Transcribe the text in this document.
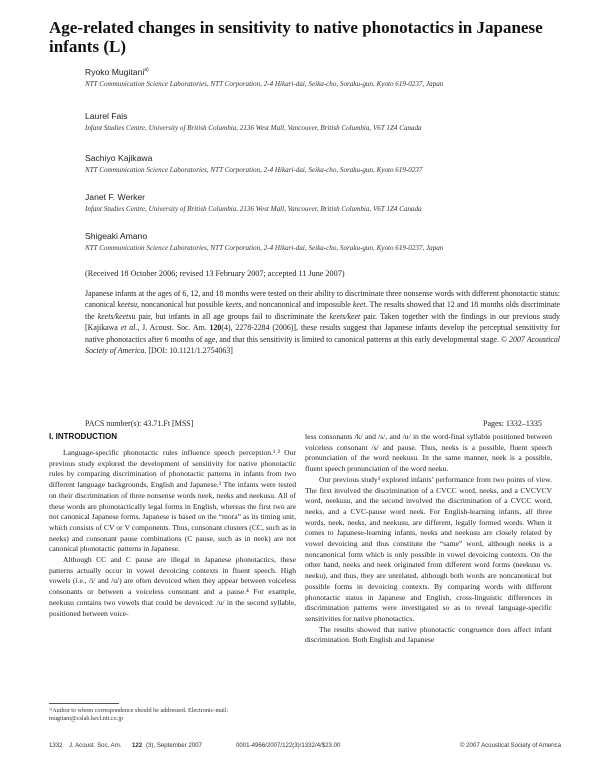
Age-related changes in sensitivity to native phonotactics in Japanese infants (L)
Ryoko Mugitani$^{a)}$
NTT Communication Science Laboratories, NTT Corporation, 2-4 Hikari-dai, Seika-cho, Soraku-gun, Kyoto 619-0237, Japan
Laurel Fais
Infant Studies Centre, University of British Columbia, 2136 West Mall, Vancouver, British Columbia, V6T 1Z4 Canada
Sachiyo Kajikawa
NTT Communication Science Laboratories, NTT Corporation, 2-4 Hikari-dai, Seika-cho, Soraku-gun, Kyoto 619-0237
Janet F. Werker
Infant Studies Centre, University of British Columbia, 2136 West Mall, Vancouver, British Columbia, V6T 1Z4 Canada
Shigeaki Amano
NTT Communication Science Laboratories, NTT Corporation, 2-4 Hikari-dai, Seika-cho, Soraku-gun, Kyoto 619-0237, Japan
(Received 18 October 2006; revised 13 February 2007; accepted 11 June 2007)
Japanese infants at the ages of 6, 12, and 18 months were tested on their ability to discriminate three nonsense words with different phonotactic status: canonical keetsu, noncanonical but possible keets, and noncanonical and impossible keet. The results showed that 12 and 18 months olds discriminate the keets/keetsu pair, but infants in all age groups fail to discriminate the keets/keet pair. Taken together with the findings in our previous study [Kajikawa et al., J. Acoust. Soc. Am. 120(4), 2278-2284 (2006)], these results suggest that Japanese infants develop the perceptual sensitivity for native phonotactics after 6 months of age, and that this sensitivity is limited to canonical patterns at this early developmental stage. © 2007 Acoustical Society of America. [DOI: 10.1121/1.2754063]
PACS number(s): 43.71.Ft [MSS]	Pages: 1332–1335
I. INTRODUCTION

Language-specific phonotactic rules influence speech perception.¹˒² Our previous study explored the development of sensitivity for native phonotactic rules by comparing discrimination of phonotactic patterns in infants from two different language backgrounds, English and Japanese.³ The infants were tested on their discrimination of three nonsense words neek, neeks and neekusu. All of these words are phonotactically legal forms in English, whereas the first two are not canonical Japanese forms. Japanese is based on the “mora” as its timing unit, which consists of CV or V components. Thus, consonant clusters (CC, such as in neeks) and consonant pause combinations (C pause, such as in neek) are not canonical phonotactic patterns in Japanese.

Although CC and C pause are illegal in Japanese phonotactics, these patterns actually occur in vowel devoicing contexts in fluent speech. High vowels (i.e., /i/ and /u/) are often devoiced when they appear between voiceless consonants or between a voiceless consonant and a pause.⁴ For example, neekusu contains two vowels that could be devoiced: /u/ in the second syllable, positioned between voice-

less consonants /k/ and /s/, and /u/ in the word-final syllable positioned between voiceless consonant /s/ and pause. Thus, neeks is a possible, fluent speech pronunciation of the word neekusu. In the same manner, neek is a possible, fluent speech pronunciation of the word neeku.

Our previous study³ explored infants’ performance from two points of view. The first involved the discrimination of a CVCC word, neeks, and a CVCVCV word, neekusu, and the second involved the discrimination of a CVCC word, neeks, and a CVC-pause word neek. For English-learning infants, all three words, neek, neeks, and neekusu, are different, legally formed words. When it comes to Japanese-learning infants, neeks and neekusu are closely related by vowel devoicing and thus constitute the “same” word, although neeks is a noncanonical form which is only possible in vowel devoicing contexts. On the other hand, neeks and neek originated from different word forms (neekusu vs. neeku), and thus, they are unrelated, although both words are noncanonical but possible forms in devoicing contexts. By comparing words with different phonotactic status in Japanese and English, cross-linguistic differences in discrimination patterns were investigated so as to reveal language-specific sensitivities for native phonotactics.

The results showed that native phonotactic congruence does affect infant discrimination. Both English and Japanese

ᵃ⁾Author to whom correspondence should be addressed. Electronic-mail: mugitani@cslab.kecl.ntt.co.jp
1332 J. Acoust. Soc. Am. 122 (3), September 2007	0001-4966/2007/122(3)/1332/4/$23.00	© 2007 Acoustical Society of America
